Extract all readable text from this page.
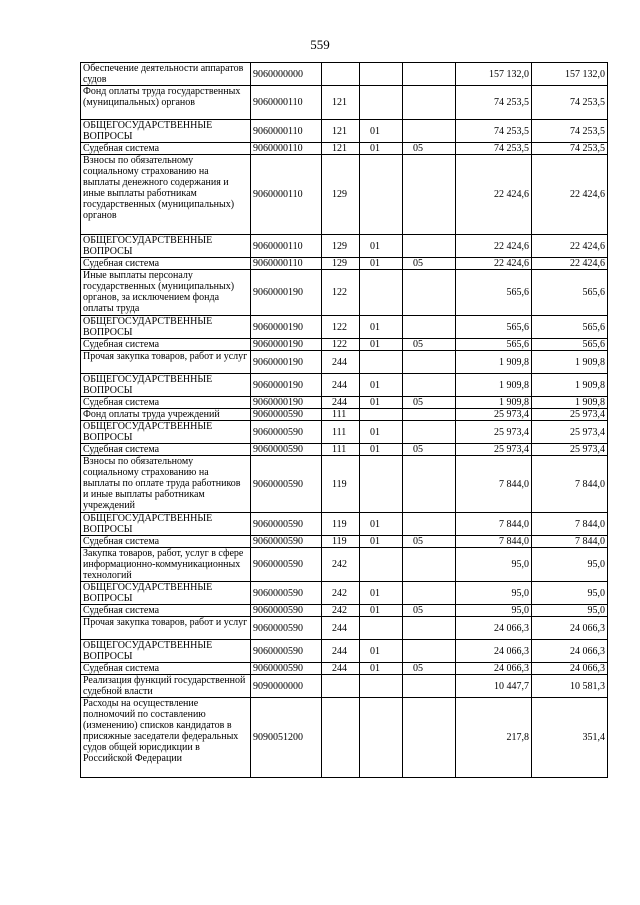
559
Обеспечение деятельности аппаратов судов	9060000000				157 132,0	157 132,0
Фонд оплаты труда государственных (муниципальных) органов	9060000110	121			74 253,5	74 253,5
ОБЩЕГОСУДАРСТВЕННЫЕ ВОПРОСЫ	9060000110	121	01		74 253,5	74 253,5
Судебная система	9060000110	121	01	05	74 253,5	74 253,5
Взносы по обязательному социальному страхованию на выплаты денежного содержания и иные выплаты работникам государственных (муниципальных) органов	9060000110	129			22 424,6	22 424,6
ОБЩЕГОСУДАРСТВЕННЫЕ ВОПРОСЫ	9060000110	129	01		22 424,6	22 424,6
Судебная система	9060000110	129	01	05	22 424,6	22 424,6
Иные выплаты персоналу государственных (муниципальных) органов, за исключением фонда оплаты труда	9060000190	122			565,6	565,6
ОБЩЕГОСУДАРСТВЕННЫЕ ВОПРОСЫ	9060000190	122	01		565,6	565,6
Судебная система	9060000190	122	01	05	565,6	565,6
Прочая закупка товаров, работ и услуг	9060000190	244			1 909,8	1 909,8
ОБЩЕГОСУДАРСТВЕННЫЕ ВОПРОСЫ	9060000190	244	01		1 909,8	1 909,8
Судебная система	9060000190	244	01	05	1 909,8	1 909,8
Фонд оплаты труда учреждений	9060000590	111			25 973,4	25 973,4
ОБЩЕГОСУДАРСТВЕННЫЕ ВОПРОСЫ	9060000590	111	01		25 973,4	25 973,4
Судебная система	9060000590	111	01	05	25 973,4	25 973,4
Взносы по обязательному социальному страхованию на выплаты по оплате труда работников и иные выплаты работникам учреждений	9060000590	119			7 844,0	7 844,0
ОБЩЕГОСУДАРСТВЕННЫЕ ВОПРОСЫ	9060000590	119	01		7 844,0	7 844,0
Судебная система	9060000590	119	01	05	7 844,0	7 844,0
Закупка товаров, работ, услуг в сфере информационно-коммуникационных технологий	9060000590	242			95,0	95,0
ОБЩЕГОСУДАРСТВЕННЫЕ ВОПРОСЫ	9060000590	242	01		95,0	95,0
Судебная система	9060000590	242	01	05	95,0	95,0
Прочая закупка товаров, работ и услуг	9060000590	244			24 066,3	24 066,3
ОБЩЕГОСУДАРСТВЕННЫЕ ВОПРОСЫ	9060000590	244	01		24 066,3	24 066,3
Судебная система	9060000590	244	01	05	24 066,3	24 066,3
Реализация функций государственной судебной власти	9090000000				10 447,7	10 581,3
Расходы на осуществление полномочий по составлению (изменению) списков кандидатов в присяжные заседатели федеральных судов общей юрисдикции в Российской Федерации	9090051200				217,8	351,4
